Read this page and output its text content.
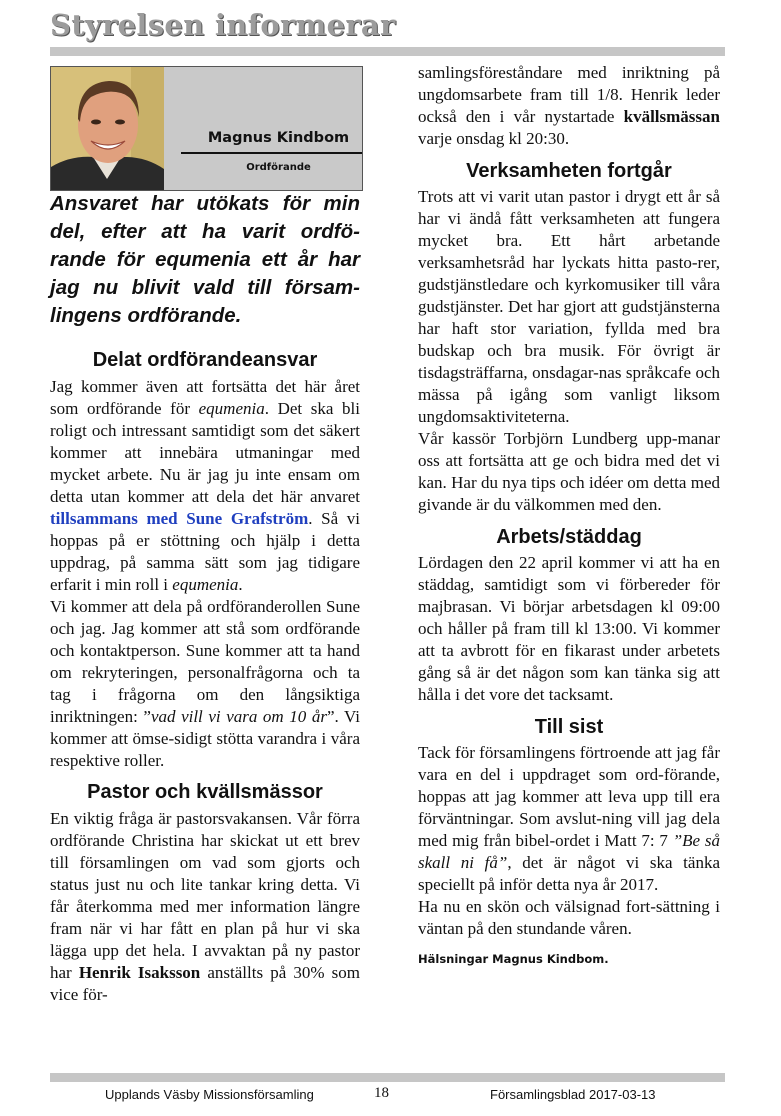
Styrelsen informerar
Magnus Kindbom
Ordförande

Ansvaret har utökats för min del, efter att ha varit ordfö-rande för equmenia ett år har jag nu blivit vald till försam-lingens ordförande.

Delat ordförandeansvar

Jag kommer även att fortsätta det här året som ordförande för equmenia. Det ska bli roligt och intressant samtidigt som det säkert kommer att innebära utmaningar med mycket arbete. Nu är jag ju inte ensam om detta utan kommer att dela det här anvaret tillsammans med Sune Grafström. Så vi hoppas på er stöttning och hjälp i detta uppdrag, på samma sätt som jag tidigare erfarit i min roll i equmenia.

Vi kommer att dela på ordföranderollen Sune och jag. Jag kommer att stå som ordförande och kontaktperson. Sune kommer att ta hand om rekryteringen, personalfrågorna och ta tag i frågorna om den långsiktiga inriktningen: ”vad vill vi vara om 10 år”. Vi kommer att ömse-sidigt stötta varandra i våra respektive roller.

Pastor och kvällsmässor

En viktig fråga är pastorsvakansen. Vår förra ordförande Christina har skickat ut ett brev till församlingen om vad som gjorts och status just nu och lite tankar kring detta. Vi får återkomma med mer information längre fram när vi har fått en plan på hur vi ska lägga upp det hela. I avvaktan på ny pastor har Henrik Isaksson anställts på 30% som vice för-

samlingsföreståndare med inriktning på ungdomsarbete fram till 1/8. Henrik leder också den i vår nystartade kvällsmässan varje onsdag kl 20:30.

Verksamheten fortgår

Trots att vi varit utan pastor i drygt ett år så har vi ändå fått verksamheten att fungera mycket bra. Ett hårt arbetande verksamhetsråd har lyckats hitta pasto-rer, gudstjänstledare och kyrkomusiker till våra gudstjänster. Det har gjort att gudstjänsterna har haft stor variation, fyllda med bra budskap och bra musik. För övrigt är tisdagsträffarna, onsdagar-nas språkcafe och mässa på igång som vanligt liksom ungdomsaktiviteterna.

Vår kassör Torbjörn Lundberg upp-manar oss att fortsätta att ge och bidra med det vi kan. Har du nya tips och idéer om detta med givande är du välkommen med den.

Arbets/städdag

Lördagen den 22 april kommer vi att ha en städdag, samtidigt som vi förbereder för majbrasan. Vi börjar arbetsdagen kl 09:00 och håller på fram till kl 13:00. Vi kommer att ta avbrott för en fikarast under arbetets gång så är det någon som kan tänka sig att hålla i det vore det tacksamt.

Till sist

Tack för församlingens förtroende att jag får vara en del i uppdraget som ord-förande, hoppas att jag kommer att leva upp till era förväntningar. Som avslut-ning vill jag dela med mig från bibel-ordet i Matt 7: 7 ”Be så skall ni få”, det är något vi ska tänka speciellt på inför detta nya år 2017.

Ha nu en skön och välsignad fort-sättning i väntan på den stundande våren.

Hälsningar Magnus Kindbom.
Upplands Väsby Missionsförsamling	18	Församlingsblad 2017-03-13
